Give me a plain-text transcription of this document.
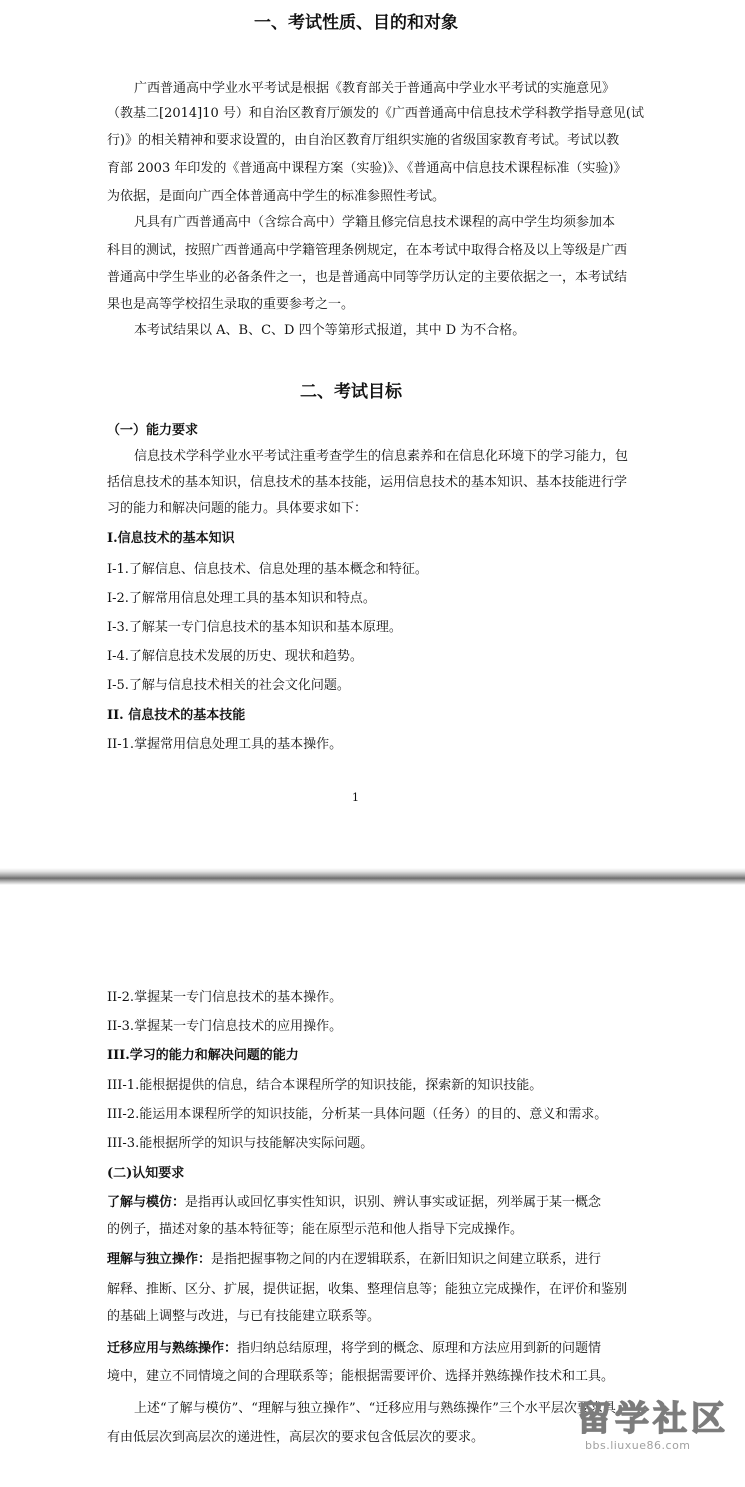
一、考试性质、目的和对象
广西普通高中学业水平考试是根据《教育部关于普通高中学业水平考试的实施意见》
（教基二[2014]10 号）和自治区教育厅颁发的《广西普通高中信息技术学科教学指导意见(试
行)》的相关精神和要求设置的，由自治区教育厅组织实施的省级国家教育考试。考试以教
育部 2003 年印发的《普通高中课程方案（实验)》、《普通高中信息技术课程标准（实验)》
为依据，是面向广西全体普通高中学生的标准参照性考试。
凡具有广西普通高中（含综合高中）学籍且修完信息技术课程的高中学生均须参加本
科目的测试，按照广西普通高中学籍管理条例规定，在本考试中取得合格及以上等级是广西
普通高中学生毕业的必备条件之一，也是普通高中同等学历认定的主要依据之一，本考试结
果也是高等学校招生录取的重要参考之一。
本考试结果以 A、B、C、D 四个等第形式报道，其中 D 为不合格。
二、考试目标
（一）能力要求
信息技术学科学业水平考试注重考查学生的信息素养和在信息化环境下的学习能力，包
括信息技术的基本知识，信息技术的基本技能，运用信息技术的基本知识、基本技能进行学
习的能力和解决问题的能力。具体要求如下：
I.信息技术的基本知识
I-1.了解信息、信息技术、信息处理的基本概念和特征。
I-2.了解常用信息处理工具的基本知识和特点。
I-3.了解某一专门信息技术的基本知识和基本原理。
I-4.了解信息技术发展的历史、现状和趋势。
I-5.了解与信息技术相关的社会文化问题。
II. 信息技术的基本技能
II-1.掌握常用信息处理工具的基本操作。
1
II-2.掌握某一专门信息技术的基本操作。
II-3.掌握某一专门信息技术的应用操作。
III.学习的能力和解决问题的能力
III-1.能根据提供的信息，结合本课程所学的知识技能，探索新的知识技能。
III-2.能运用本课程所学的知识技能，分析某一具体问题（任务）的目的、意义和需求。
III-3.能根据所学的知识与技能解决实际问题。
(二)认知要求
了解与模仿：是指再认或回忆事实性知识，识别、辨认事实或证据，列举属于某一概念
的例子，描述对象的基本特征等；能在原型示范和他人指导下完成操作。
理解与独立操作：是指把握事物之间的内在逻辑联系，在新旧知识之间建立联系，进行
解释、推断、区分、扩展，提供证据，收集、整理信息等；能独立完成操作，在评价和鉴别
的基础上调整与改进，与已有技能建立联系等。
迁移应用与熟练操作：指归纳总结原理，将学到的概念、原理和方法应用到新的问题情
境中，建立不同情境之间的合理联系等；能根据需要评价、选择并熟练操作技术和工具。
上述“了解与模仿”、“理解与独立操作”、“迁移应用与熟练操作”三个水平层次要求具
有由低层次到高层次的递进性，高层次的要求包含低层次的要求。	留学社区
bbs.liuxue86.com
